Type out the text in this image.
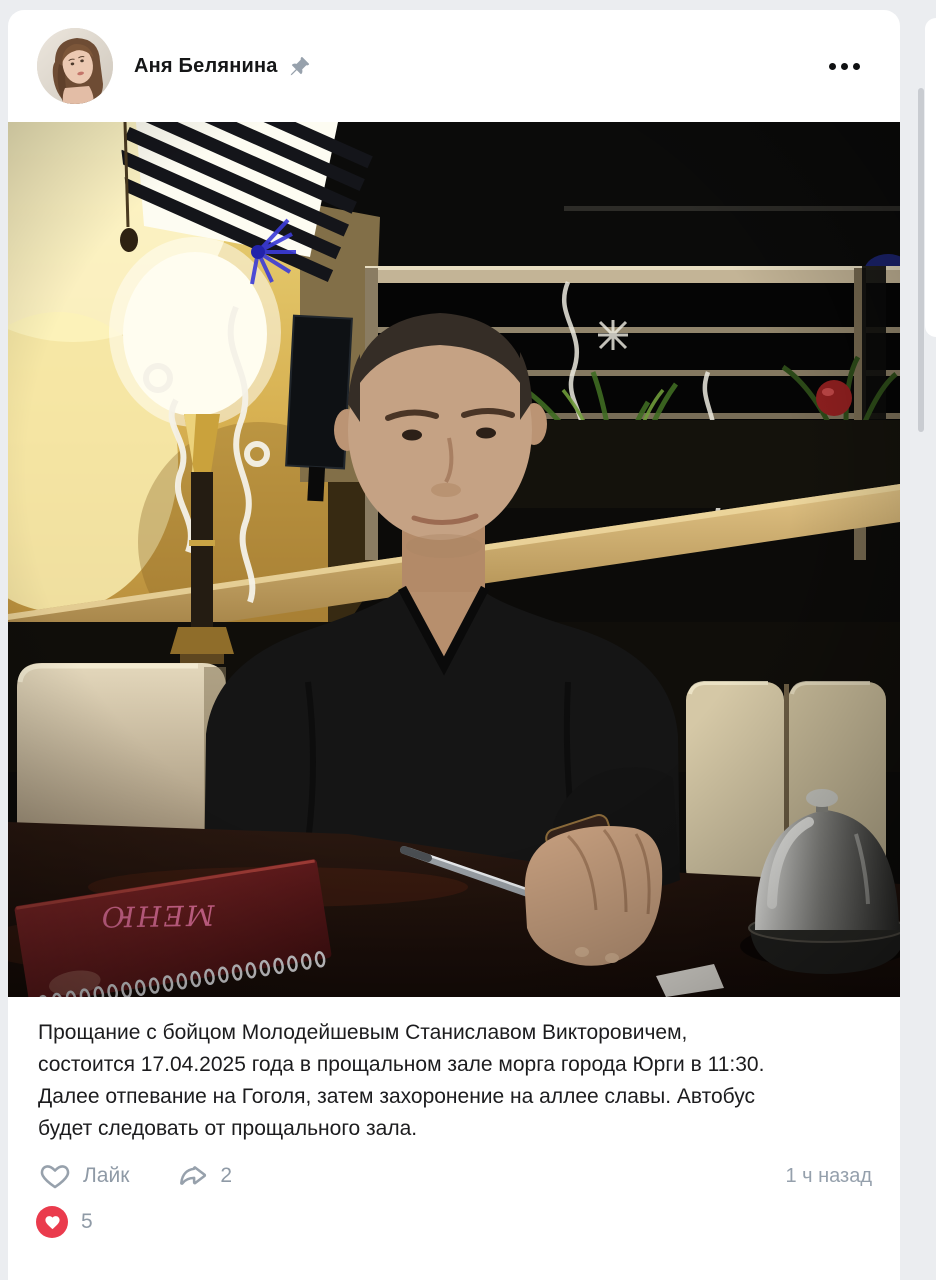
Аня Белянина
Прощание с бойцом Молодейшевым Станиславом Викторовичем,
состоится 17.04.2025 года в прощальном зале морга города Юрги в 11:30.
Далее отпевание на Гоголя, затем захоронение на аллее славы. Автобус
будет следовать от прощального зала.
Лайк	2	1 ч назад
5
